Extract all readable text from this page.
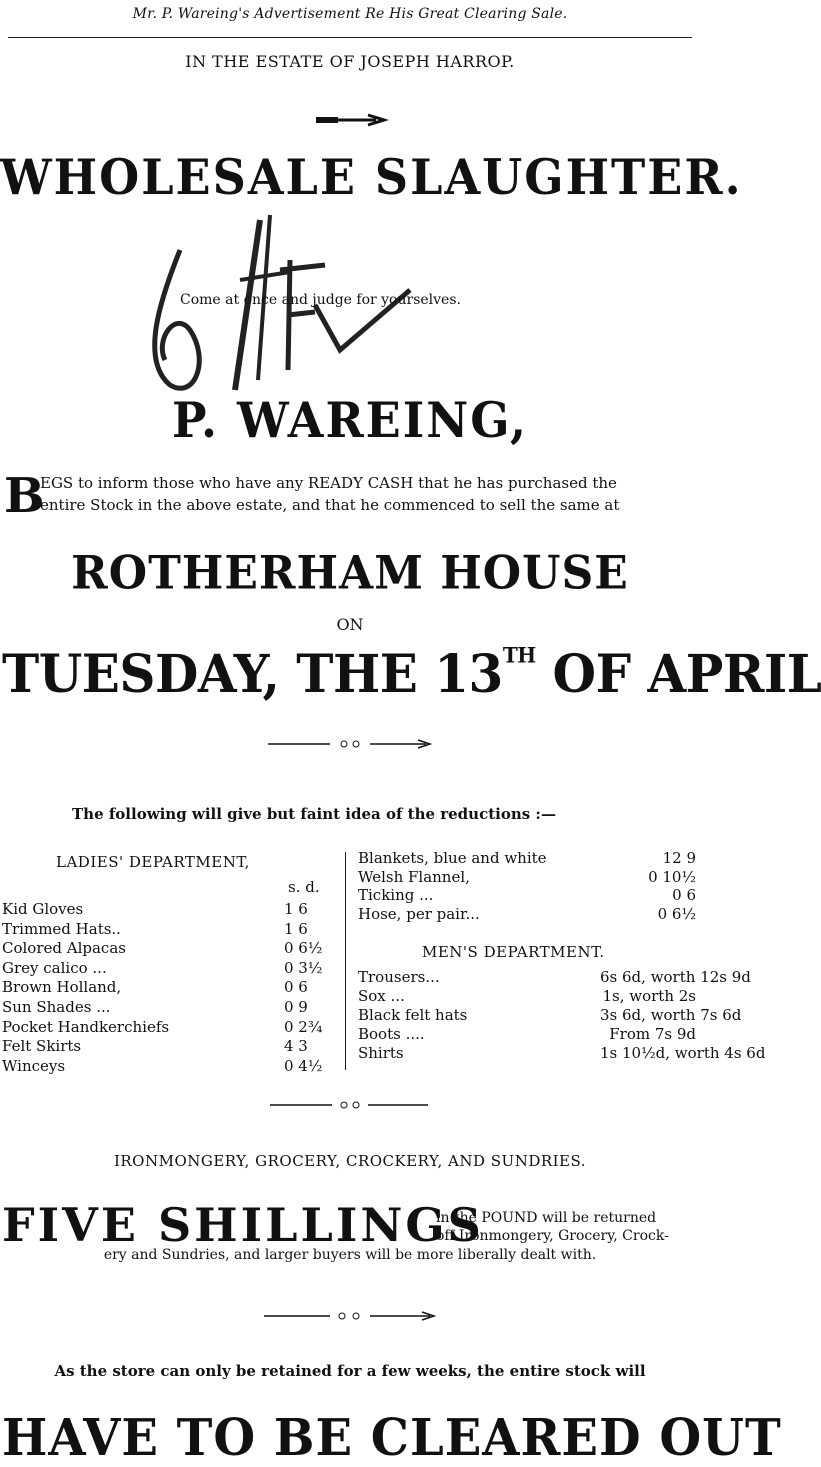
Mr. P. Wareing's Advertisement Re His Great Clearing Sale.
IN THE ESTATE OF JOSEPH HARROP.
WHOLESALE SLAUGHTER.
Come at once and judge for yourselves.
P. WAREING,
B
EGS to inform those who have any READY CASH that he has purchased the
entire Stock in the above estate, and that he commenced to sell the same at
ROTHERHAM HOUSE
ON
TUESDAY, THE 13TH OF APRIL
The following will give but faint idea of the reductions :—
LADIES' DEPARTMENT,
s. d.
Kid Gloves	1 6
Trimmed Hats..	1 6
Colored Alpacas	0 6½
Grey calico ...	0 3½
Brown Holland,	0 6
Sun Shades ...	0 9
Pocket Handkerchiefs	0 2¾
Felt Skirts	4 3
Winceys	0 4½
Blankets, blue and white	12 9
Welsh Flannel,	0 10½
Ticking ...	0 6
Hose, per pair...	0 6½
MEN'S DEPARTMENT.
Trousers...	6s 6d, worth 12s 9d
Sox ...	1s, worth 2s
Black felt hats	3s 6d, worth 7s 6d
Boots ....	From 7s 9d
Shirts	1s 10½d, worth 4s 6d
IRONMONGERY, GROCERY, CROCKERY, AND SUNDRIES.
FIVE SHILLINGS
in the POUND will be returned
off Ironmongery, Grocery, Crock-
ery and Sundries, and larger buyers will be more liberally dealt with.
As the store can only be retained for a few weeks, the entire stock will
HAVE TO BE CLEARED OUT
